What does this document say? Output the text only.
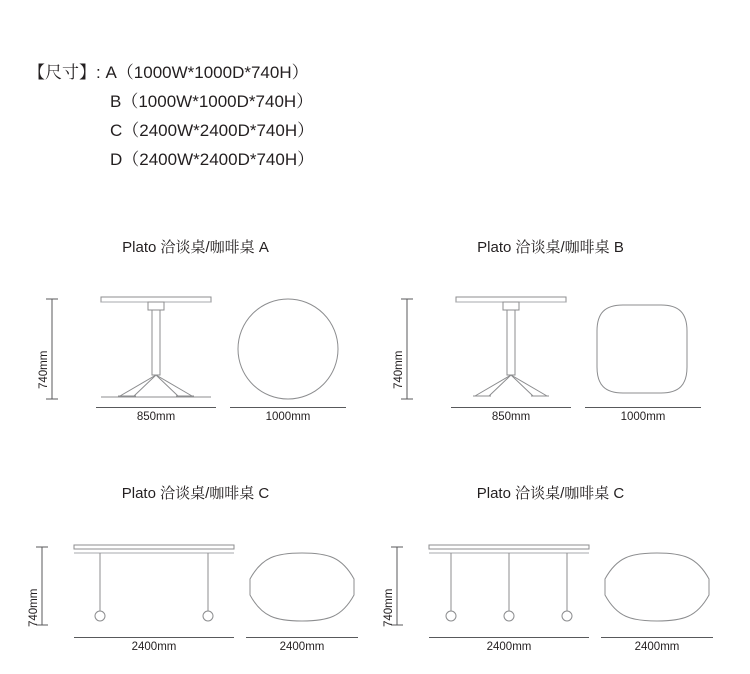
【尺寸】: A（1000W*1000D*740H）
B（1000W*1000D*740H）
C（2400W*2400D*740H）
D（2400W*2400D*740H）
Plato 洽谈桌/咖啡桌 A
740mm
850mm	1000mm
Plato 洽谈桌/咖啡桌 B
740mm
850mm	1000mm
Plato 洽谈桌/咖啡桌 C
740mm
2400mm	2400mm
Plato 洽谈桌/咖啡桌 C
740mm
2400mm	2400mm
